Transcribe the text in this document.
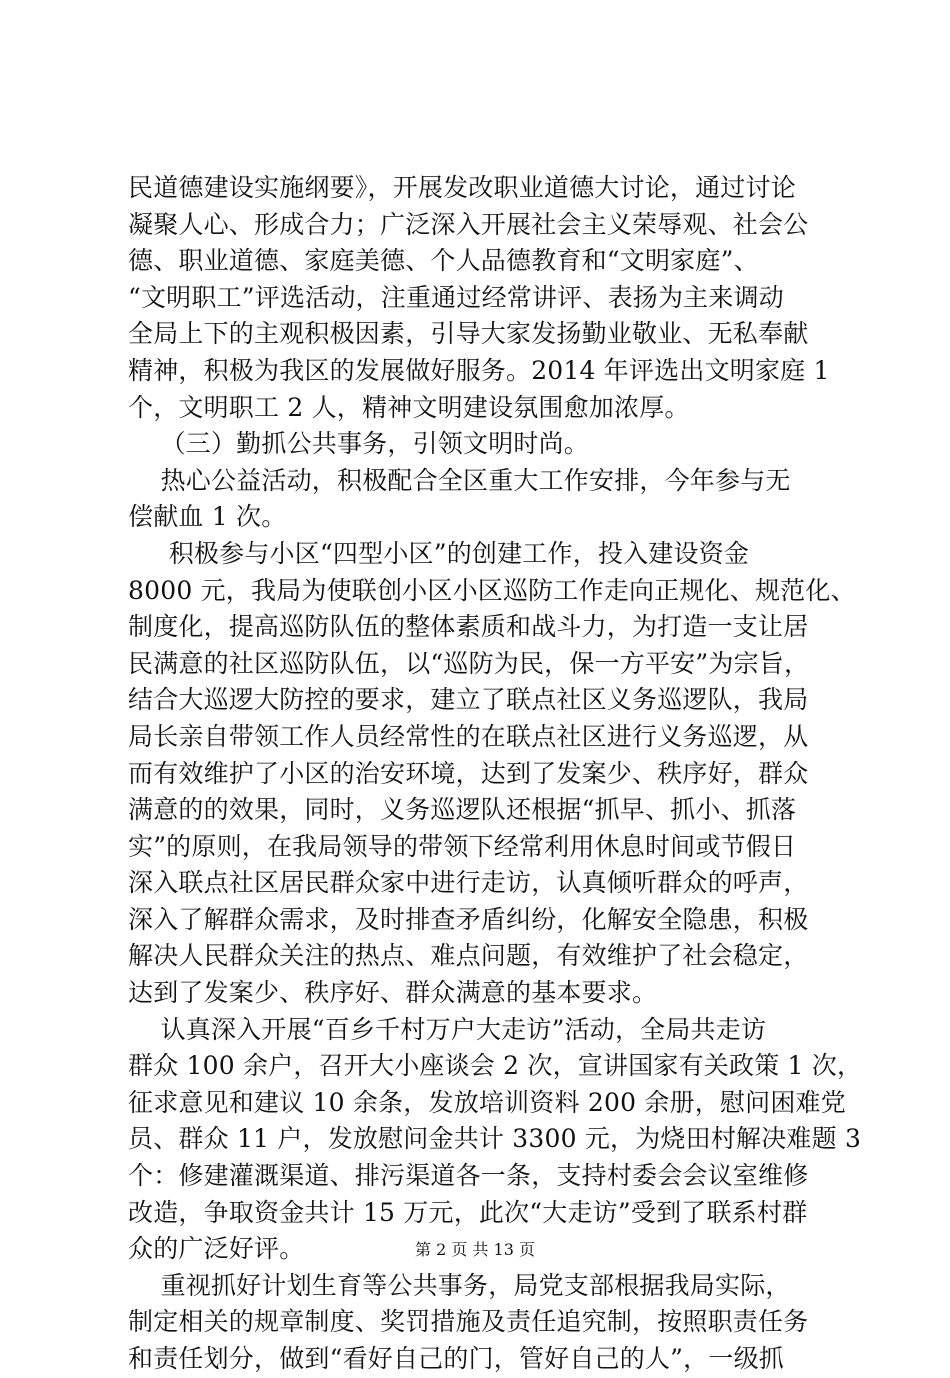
民道德建设实施纲要》，开展发改职业道德大讨论，通过讨论
凝聚人心、形成合力；广泛深入开展社会主义荣辱观、社会公
德、职业道德、家庭美德、个人品德教育和“文明家庭”、
“文明职工”评选活动，注重通过经常讲评、表扬为主来调动
全局上下的主观积极因素，引导大家发扬勤业敬业、无私奉献
精神，积极为我区的发展做好服务。2014 年评选出文明家庭 1
个，文明职工 2 人，精神文明建设氛围愈加浓厚。
（三）勤抓公共事务，引领文明时尚。
热心公益活动，积极配合全区重大工作安排，今年参与无
偿献血 1 次。
积极参与小区“四型小区”的创建工作，投入建设资金
8000 元，我局为使联创小区小区巡防工作走向正规化、规范化、
制度化，提高巡防队伍的整体素质和战斗力，为打造一支让居
民满意的社区巡防队伍，以“巡防为民，保一方平安”为宗旨，
结合大巡逻大防控的要求，建立了联点社区义务巡逻队，我局
局长亲自带领工作人员经常性的在联点社区进行义务巡逻，从
而有效维护了小区的治安环境，达到了发案少、秩序好，群众
满意的的效果，同时，义务巡逻队还根据“抓早、抓小、抓落
实”的原则，在我局领导的带领下经常利用休息时间或节假日
深入联点社区居民群众家中进行走访，认真倾听群众的呼声，
深入了解群众需求，及时排查矛盾纠纷，化解安全隐患，积极
解决人民群众关注的热点、难点问题，有效维护了社会稳定，
达到了发案少、秩序好、群众满意的基本要求。
认真深入开展“百乡千村万户大走访”活动，全局共走访
群众 100 余户，召开大小座谈会 2 次，宣讲国家有关政策 1 次，
征求意见和建议 10 余条，发放培训资料 200 余册，慰问困难党
员、群众 11 户，发放慰问金共计 3300 元，为烧田村解决难题 3
个：修建灌溉渠道、排污渠道各一条，支持村委会会议室维修
改造，争取资金共计 15 万元，此次“大走访”受到了联系村群
众的广泛好评。
重视抓好计划生育等公共事务，局党支部根据我局实际，
制定相关的规章制度、奖罚措施及责任追究制，按照职责任务
和责任划分，做到“看好自己的门，管好自己的人”，一级抓
第 2 页 共 13 页
